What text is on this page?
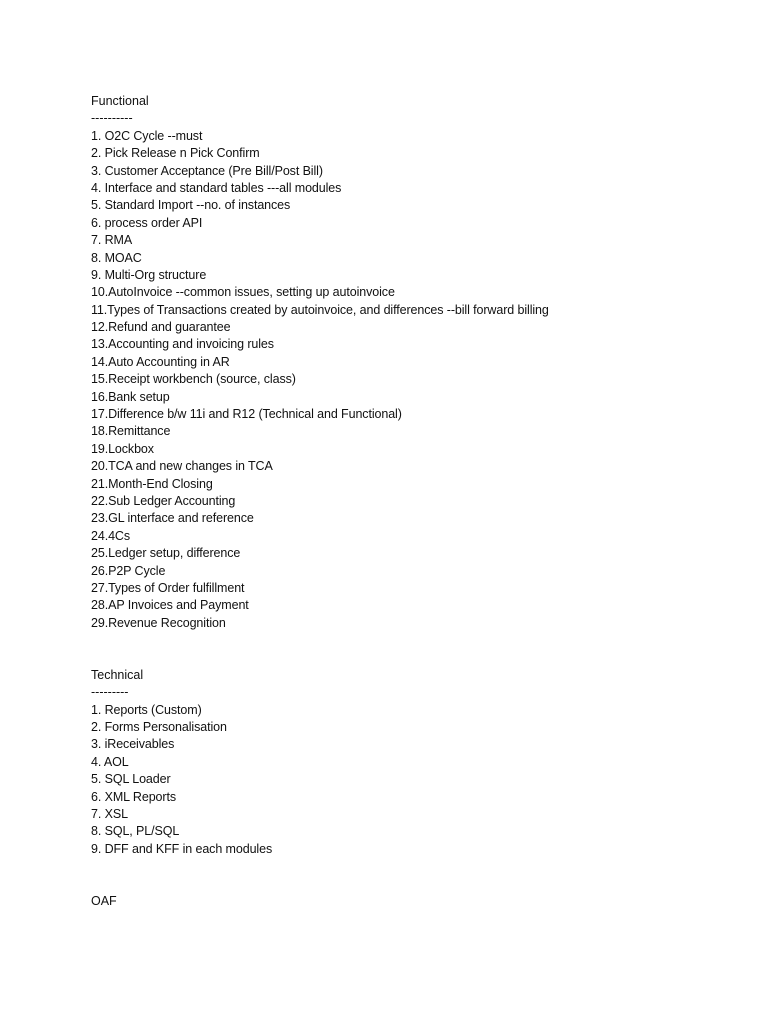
Functional
----------
1. O2C Cycle --must
2. Pick Release n Pick Confirm
3. Customer Acceptance (Pre Bill/Post Bill)
4. Interface and standard tables ---all modules
5. Standard Import --no. of instances
6. process order API
7. RMA
8. MOAC
9. Multi-Org structure
10.AutoInvoice --common issues, setting up autoinvoice
11.Types of Transactions created by autoinvoice, and differences --bill forward billing
12.Refund and guarantee
13.Accounting and invoicing rules
14.Auto Accounting in AR
15.Receipt workbench (source, class)
16.Bank setup
17.Difference b/w 11i and R12 (Technical and Functional)
18.Remittance
19.Lockbox
20.TCA and new changes in TCA
21.Month-End Closing
22.Sub Ledger Accounting
23.GL interface and reference
24.4Cs
25.Ledger setup, difference
26.P2P Cycle
27.Types of Order fulfillment
28.AP Invoices and Payment
29.Revenue Recognition
Technical
---------
1. Reports (Custom)
2. Forms Personalisation
3. iReceivables
4. AOL
5. SQL Loader
6. XML Reports
7. XSL
8. SQL, PL/SQL
9. DFF and KFF in each modules
OAF
